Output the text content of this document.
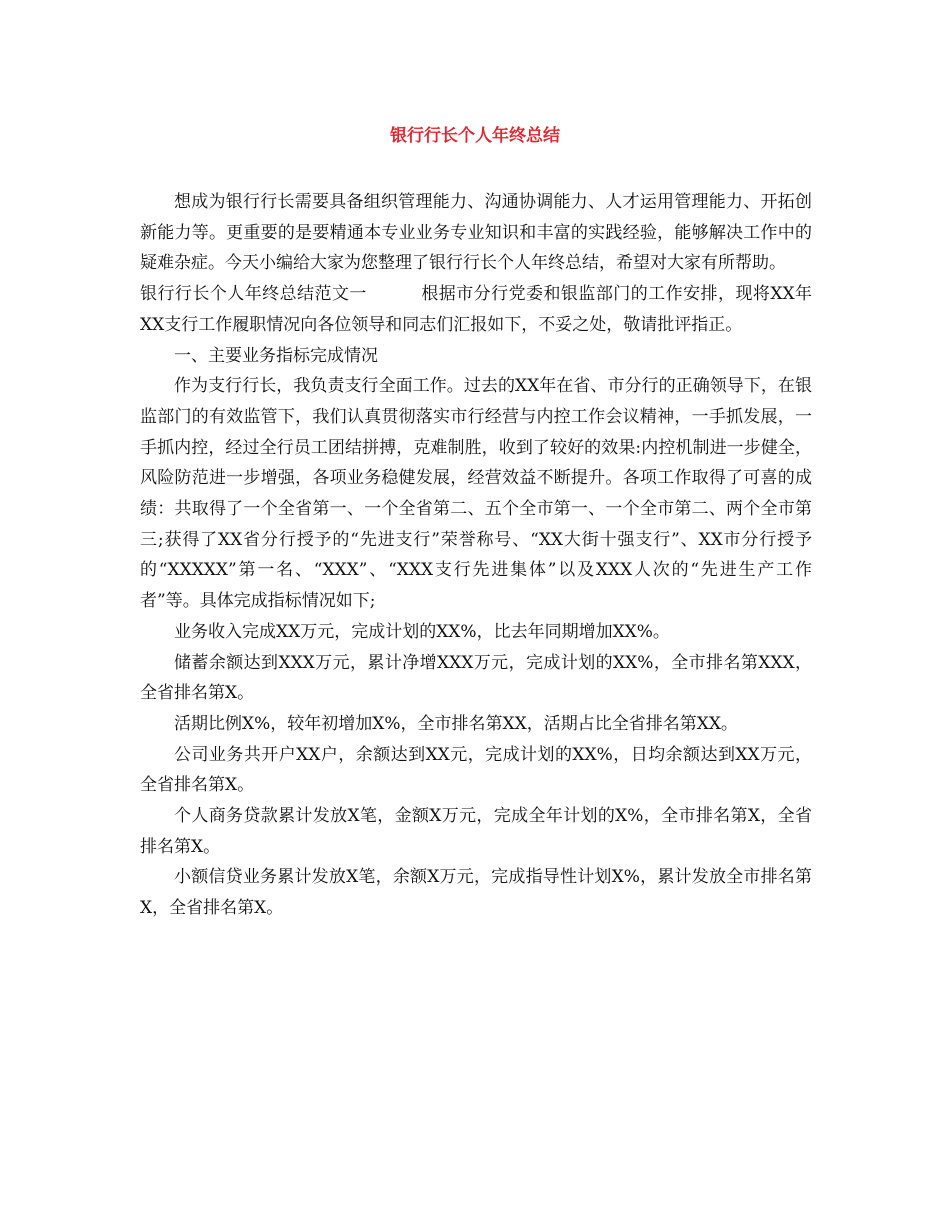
银行行长个人年终总结

想成为银行行长需要具备组织管理能力、沟通协调能力、人才运用管理能力、开拓创新能力等。更重要的是要精通本专业业务专业知识和丰富的实践经验，能够解决工作中的疑难杂症。今天小编给大家为您整理了银行行长个人年终总结，希望对大家有所帮助。

银行行长个人年终总结范文一	根据市分行党委和银监部门的工作安排，现将XX年XX支行工作履职情况向各位领导和同志们汇报如下，不妥之处，敬请批评指正。

一、主要业务指标完成情况

作为支行行长，我负责支行全面工作。过去的XX年在省、市分行的正确领导下，在银监部门的有效监管下，我们认真贯彻落实市行经营与内控工作会议精神，一手抓发展，一手抓内控，经过全行员工团结拼搏，克难制胜，收到了较好的效果:内控机制进一步健全，风险防范进一步增强，各项业务稳健发展，经营效益不断提升。各项工作取得了可喜的成绩：共取得了一个全省第一、一个全省第二、五个全市第一、一个全市第二、两个全市第三;获得了XX省分行授予的“先进支行”荣誉称号、“XX大街十强支行”、XX市分行授予的“XXXXX”第一名、“XXX”、“XXX支行先进集体”以及XXX人次的“先进生产工作者”等。具体完成指标情况如下;

业务收入完成XX万元，完成计划的XX%，比去年同期增加XX%。

储蓄余额达到XXX万元，累计净增XXX万元，完成计划的XX%，全市排名第XXX，全省排名第X。

活期比例X%，较年初增加X%，全市排名第XX，活期占比全省排名第XX。

公司业务共开户XX户，余额达到XX元，完成计划的XX%，日均余额达到XX万元，全省排名第X。

个人商务贷款累计发放X笔，金额X万元，完成全年计划的X%，全市排名第X，全省排名第X。

小额信贷业务累计发放X笔，余额X万元，完成指导性计划X%，累计发放全市排名第X，全省排名第X。
